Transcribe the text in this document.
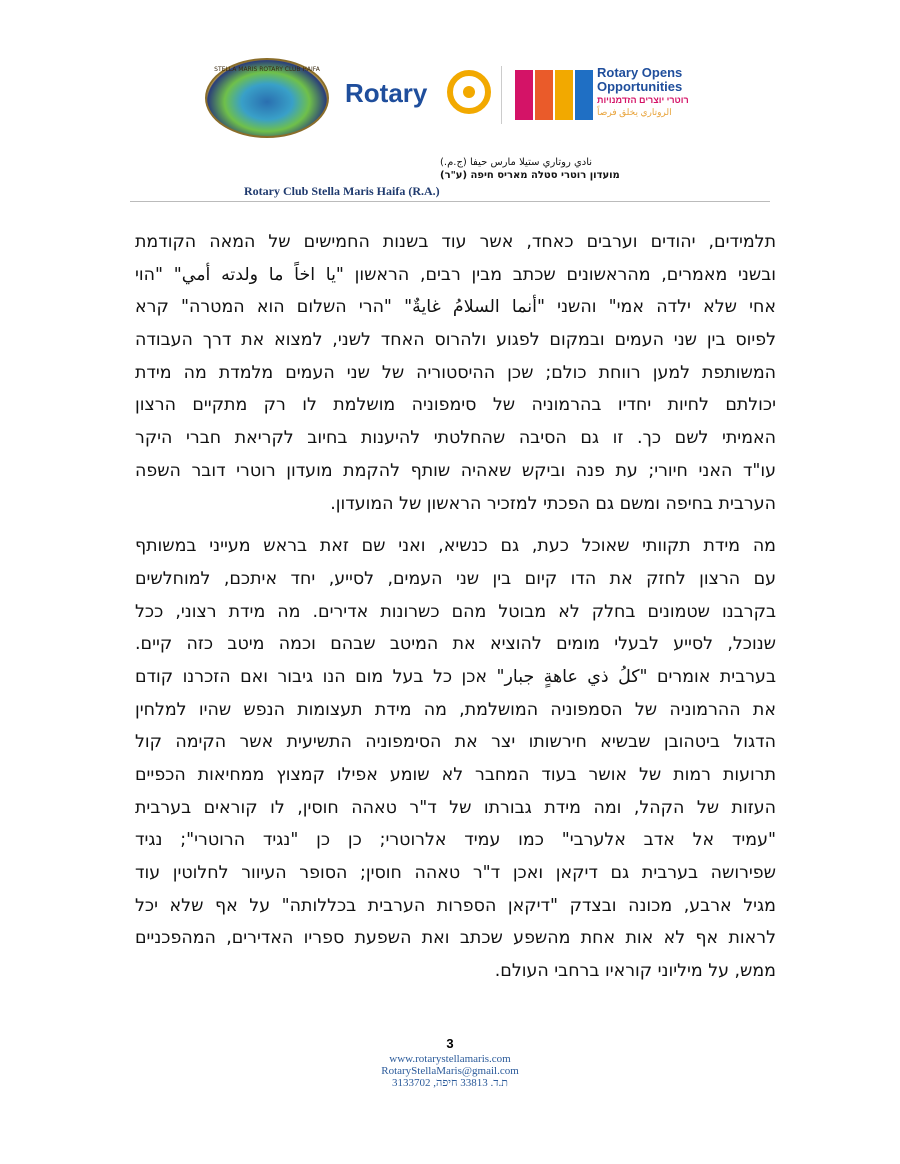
STELLA MARIS ROTARY CLUB HAIFA
Rotary
Rotary Opens
Opportunities
רוטרי יוצרים הזדמנויות
الروتاري يخلق فرصاً
نادي روتاري ستيلا مارس حيفا (ج.م.)
מועדון רוטרי סטלה מאריס חיפה (ע"ר)
Rotary Club Stella Maris Haifa (R.A.)
תלמידים, יהודים וערבים כאחד, אשר עוד בשנות החמישים של המאה הקודמת
ובשני מאמרים, מהראשונים שכתב מבין רבים, הראשון "يا اخاً ما ولدته أمي" "הוי
אחי שלא ילדה אמי" והשני "أنما السلامُ غايةٌ" "הרי השלום הוא המטרה" קרא
לפיוס בין שני העמים ובמקום לפגוע ולהרוס האחד לשני, למצוא את דרך העבודה
המשותפת למען רווחת כולם; שכן ההיסטוריה של שני העמים מלמדת מה מידת
יכולתם לחיות יחדיו בהרמוניה של סימפוניה מושלמת לו רק מתקיים הרצון
האמיתי לשם כך. זו גם הסיבה שהחלטתי להיענות בחיוב לקריאת חברי היקר
עו"ד האני חיורי; עת פנה וביקש שאהיה שותף להקמת מועדון רוטרי דובר השפה
הערבית בחיפה ומשם גם הפכתי למזכיר הראשון של המועדון.
מה מידת תקוותי שאוכל כעת, גם כנשיא, ואני שם זאת בראש מעייני במשותף
עם הרצון לחזק את הדו קיום בין שני העמים, לסייע, יחד איתכם, למוחלשים
בקרבנו שטמונים בחלק לא מבוטל מהם כשרונות אדירים. מה מידת רצוני, ככל
שנוכל, לסייע לבעלי מומים להוציא את המיטב שבהם וכמה מיטב כזה קיים.
בערבית אומרים "كلُ ذي عاهةٍ جبار" אכן כל בעל מום הנו גיבור ואם הזכרנו קודם
את ההרמוניה של הסמפוניה המושלמת, מה מידת תעצומות הנפש שהיו למלחין
הדגול ביטהובן שבשיא חירשותו יצר את הסימפוניה התשיעית אשר הקימה קול
תרועות רמות של אושר בעוד המחבר לא שומע אפילו קמצוץ ממחיאות הכפיים
העזות של הקהל, ומה מידת גבורתו של ד"ר טאהה חוסין, לו קוראים בערבית
"עמיד אל אדב אלערבי" כמו עמיד אלרוטרי; כן כן "נגיד הרוטרי"; נגיד
שפירושה בערבית גם דיקאן ואכן ד"ר טאהה חוסין; הסופר העיוור לחלוטין עוד
מגיל ארבע, מכונה ובצדק "דיקאן הספרות הערבית בכללותה" על אף שלא יכל
לראות אף לא אות אחת מהשפע שכתב ואת השפעת ספריו האדירים, המהפכניים
ממש, על מיליוני קוראיו ברחבי העולם.
3
www.rotarystellamaris.com
RotaryStellaMaris@gmail.com
ת.ד. 33813 חיפה, 3133702
